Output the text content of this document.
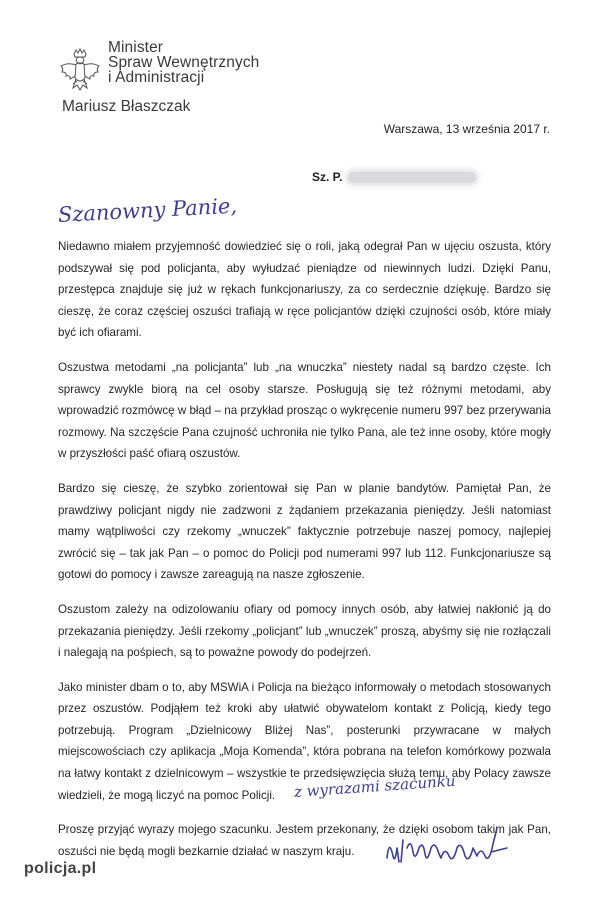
Minister
Spraw Wewnętrznych
i Administracji
Mariusz Błaszczak
Warszawa, 13 września 2017 r.
Sz. P.
Szanowny Panie,

Niedawno miałem przyjemność dowiedzieć się o roli, jaką odegrał Pan w ujęciu oszusta, który podszywał się pod policjanta, aby wyłudzać pieniądze od niewinnych ludzi. Dzięki Panu, przestępca znajduje się już w rękach funkcjonariuszy, za co serdecznie dziękuję. Bardzo się cieszę, że coraz częściej oszuści trafiają w ręce policjantów dzięki czujności osób, które miały być ich ofiarami.

Oszustwa metodami „na policjanta” lub „na wnuczka” niestety nadal są bardzo częste. Ich sprawcy zwykle biorą na cel osoby starsze. Posługują się też różnymi metodami, aby wprowadzić rozmówcę w błąd – na przykład prosząc o wykręcenie numeru 997 bez przerywania rozmowy. Na szczęście Pana czujność uchroniła nie tylko Pana, ale też inne osoby, które mogły w przyszłości paść ofiarą oszustów.

Bardzo się cieszę, że szybko zorientował się Pan w planie bandytów. Pamiętał Pan, że prawdziwy policjant nigdy nie zadzwoni z żądaniem przekazania pieniędzy. Jeśli natomiast mamy wątpliwości czy rzekomy „wnuczek” faktycznie potrzebuje naszej pomocy, najlepiej zwrócić się – tak jak Pan – o pomoc do Policji pod numerami 997 lub 112. Funkcjonariusze są gotowi do pomocy i zawsze zareagują na nasze zgłoszenie.

Oszustom zależy na odizolowaniu ofiary od pomocy innych osób, aby łatwiej nakłonić ją do przekazania pieniędzy. Jeśli rzekomy „policjant” lub „wnuczek” proszą, abyśmy się nie rozłączali i nalegają na pośpiech, są to poważne powody do podejrzeń.

Jako minister dbam o to, aby MSWiA i Policja na bieżąco informowały o metodach stosowanych przez oszustów. Podjąłem też kroki aby ułatwić obywatelom kontakt z Policją, kiedy tego potrzebują. Program „Dzielnicowy Bliżej Nas”, posterunki przywracane w małych miejscowościach czy aplikacja „Moja Komenda”, która pobrana na telefon komórkowy pozwala na łatwy kontakt z dzielnicowym – wszystkie te przedsięwzięcia służą temu, aby Polacy zawsze wiedzieli, że mogą liczyć na pomoc Policji.

Proszę przyjąć wyrazy mojego szacunku. Jestem przekonany, że dzięki osobom takim jak Pan, oszuści nie będą mogli bezkarnie działać w naszym kraju.

z wyrazami szacunku
M. Błaszczak
policja.pl
